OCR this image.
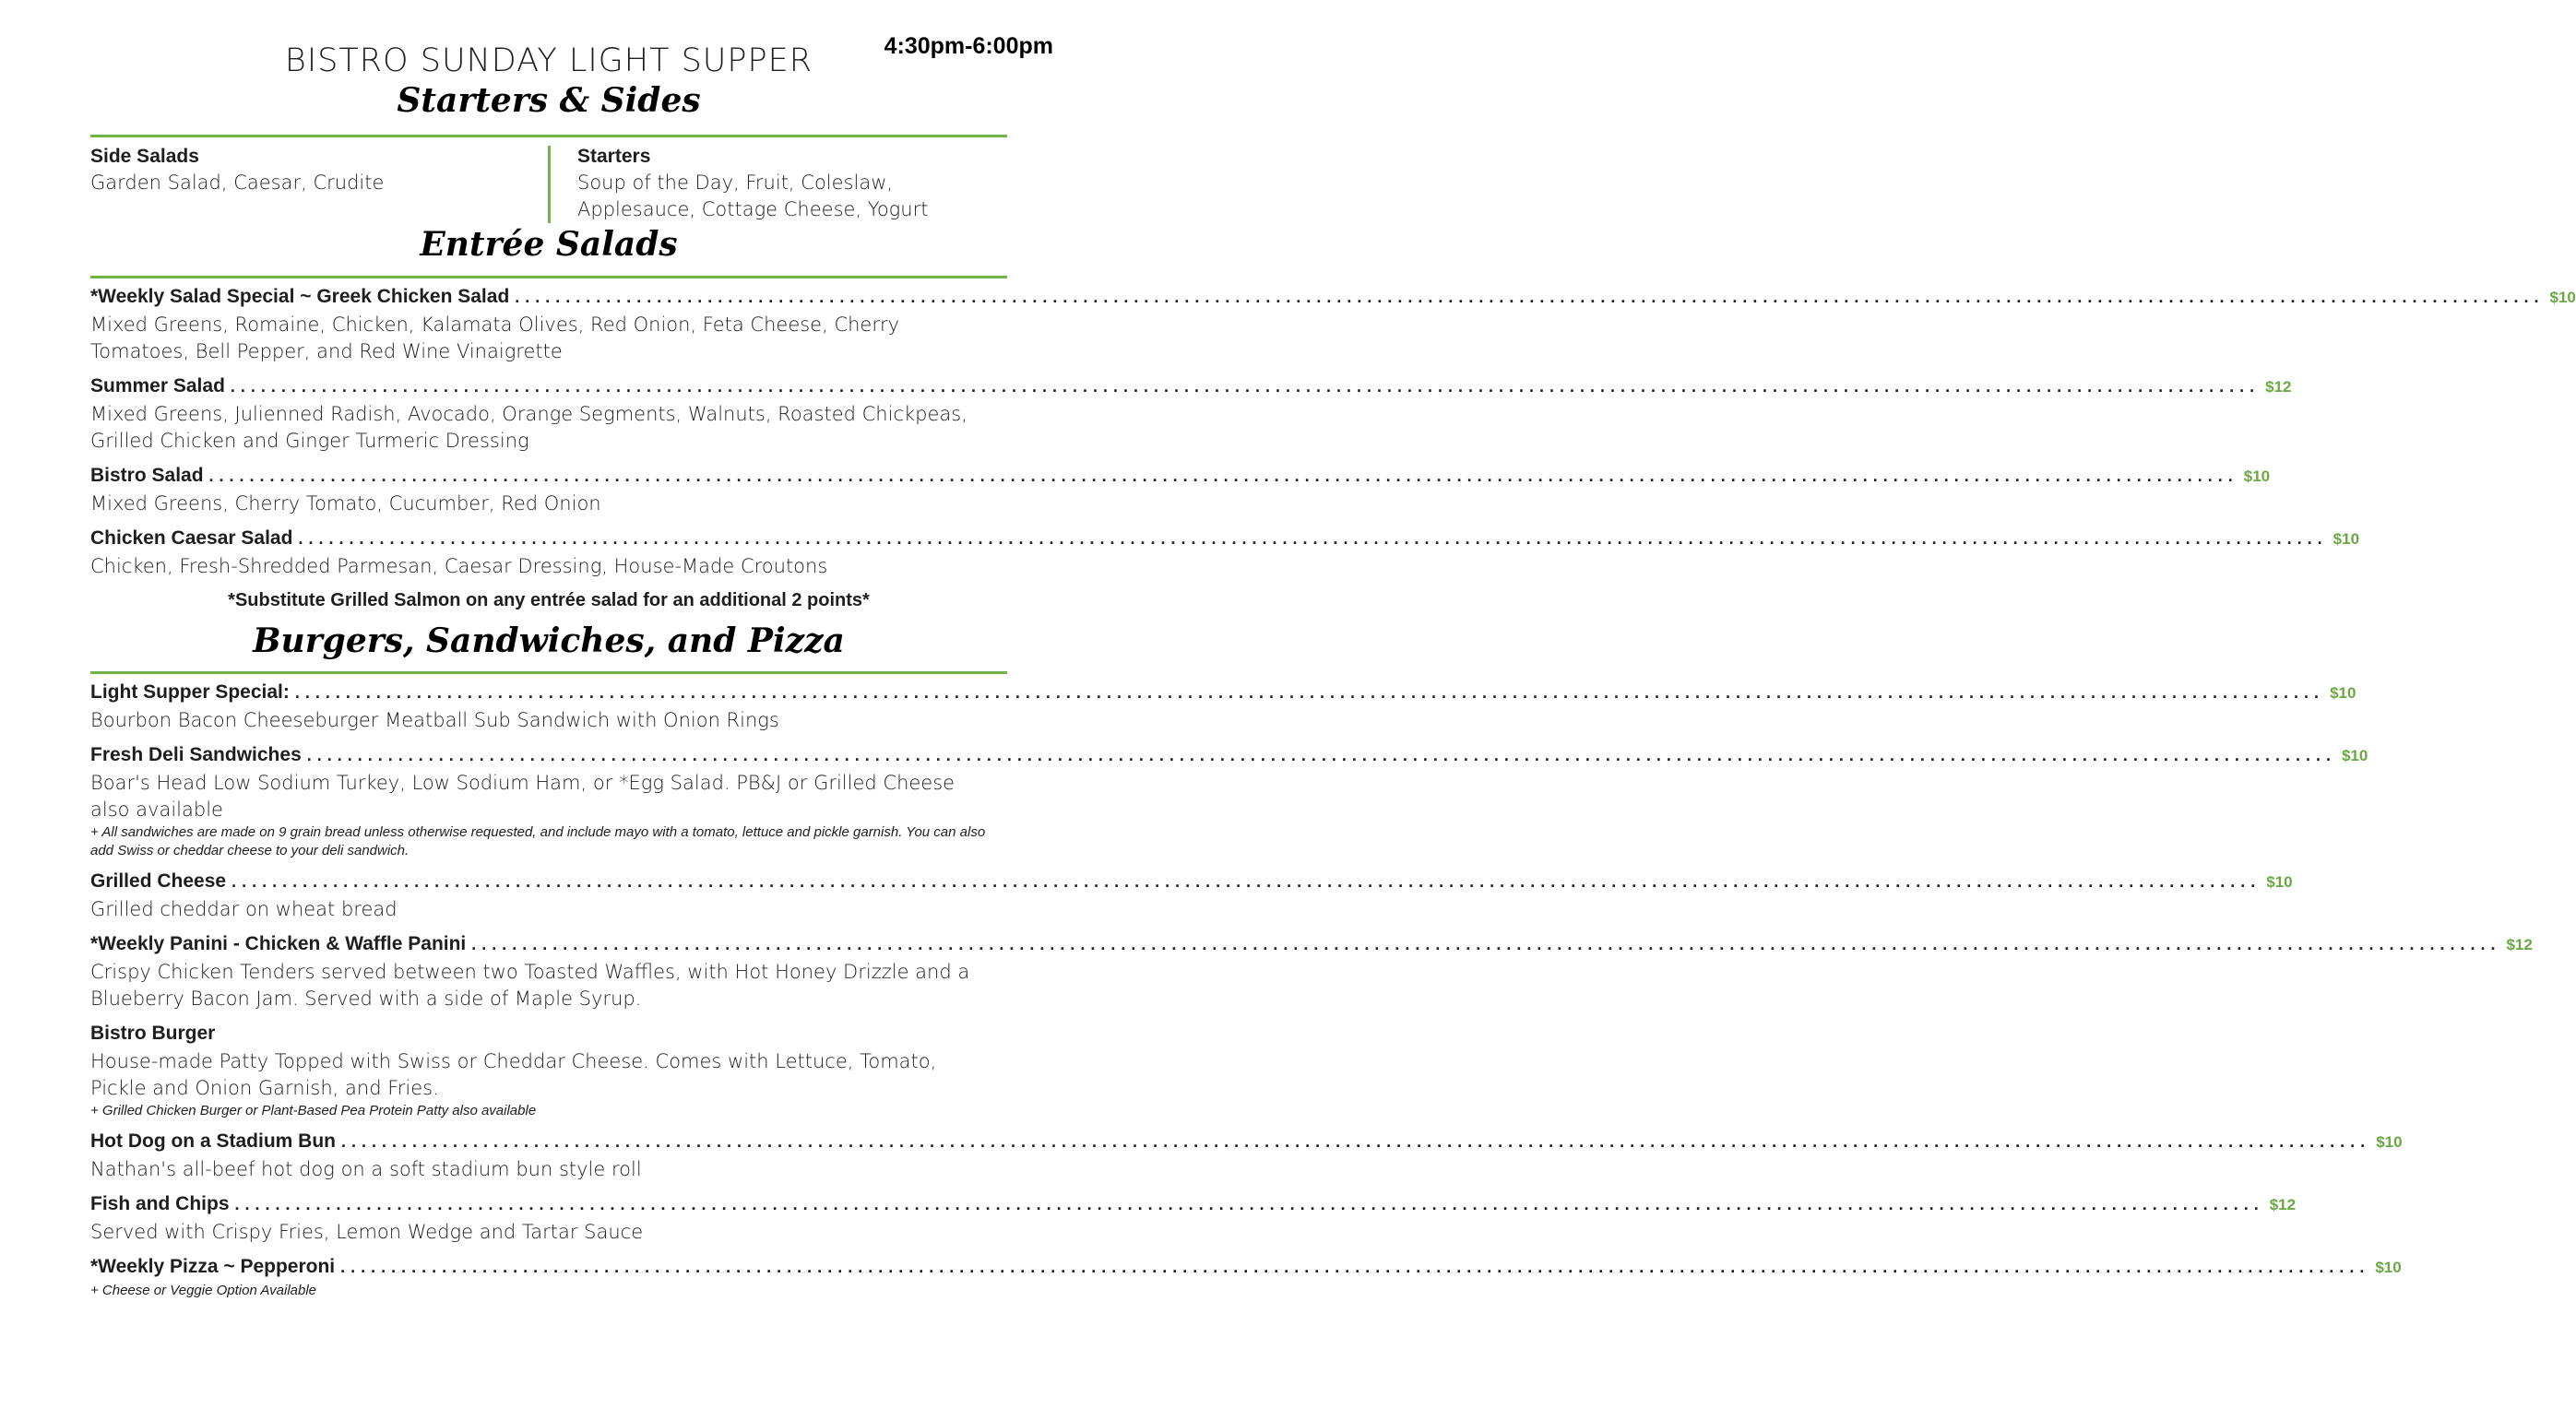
4:30pm-6:00pm
BISTRO SUNDAY LIGHT SUPPER
Starters & Sides
Side Salads
Garden Salad, Caesar, Crudite
Starters
Soup of the Day, Fruit, Coleslaw, Applesauce, Cottage Cheese, Yogurt
Entrée Salads
*Weekly Salad Special ~ Greek Chicken Salad ........................................................................................................................................................................................................ $10
Mixed Greens, Romaine, Chicken, Kalamata Olives, Red Onion, Feta Cheese, Cherry Tomatoes, Bell Pepper, and Red Wine Vinaigrette
Summer Salad ........................................................................................................................................................................................................ $12
Mixed Greens, Julienned Radish, Avocado, Orange Segments, Walnuts, Roasted Chickpeas, Grilled Chicken and Ginger Turmeric Dressing
Bistro Salad ........................................................................................................................................................................................................ $10
Mixed Greens, Cherry Tomato, Cucumber, Red Onion
Chicken Caesar Salad ........................................................................................................................................................................................................ $10
Chicken, Fresh-Shredded Parmesan, Caesar Dressing, House-Made Croutons
*Substitute Grilled Salmon on any entrée salad for an additional 2 points*
Burgers, Sandwiches, and Pizza
Light Supper Special: ........................................................................................................................................................................................................ $10
Bourbon Bacon Cheeseburger Meatball Sub Sandwich with Onion Rings
Fresh Deli Sandwiches ........................................................................................................................................................................................................ $10
Boar's Head Low Sodium Turkey, Low Sodium Ham, or *Egg Salad. PB&J or Grilled Cheese also available
+ All sandwiches are made on 9 grain bread unless otherwise requested, and include mayo with a tomato, lettuce and pickle garnish. You can also add Swiss or cheddar cheese to your deli sandwich.
Grilled Cheese ........................................................................................................................................................................................................ $10
Grilled cheddar on wheat bread
*Weekly Panini - Chicken & Waffle Panini ........................................................................................................................................................................................................ $12
Crispy Chicken Tenders served between two Toasted Waffles, with Hot Honey Drizzle and a Blueberry Bacon Jam. Served with a side of Maple Syrup.
Bistro Burger
House-made Patty Topped with Swiss or Cheddar Cheese. Comes with Lettuce, Tomato, Pickle and Onion Garnish, and Fries.
+ Grilled Chicken Burger or Plant-Based Pea Protein Patty also available
Hot Dog on a Stadium Bun ........................................................................................................................................................................................................ $10
Nathan's all-beef hot dog on a soft stadium bun style roll
Fish and Chips ........................................................................................................................................................................................................ $12
Served with Crispy Fries, Lemon Wedge and Tartar Sauce
*Weekly Pizza ~ Pepperoni ........................................................................................................................................................................................................ $10
+ Cheese or Veggie Option Available
